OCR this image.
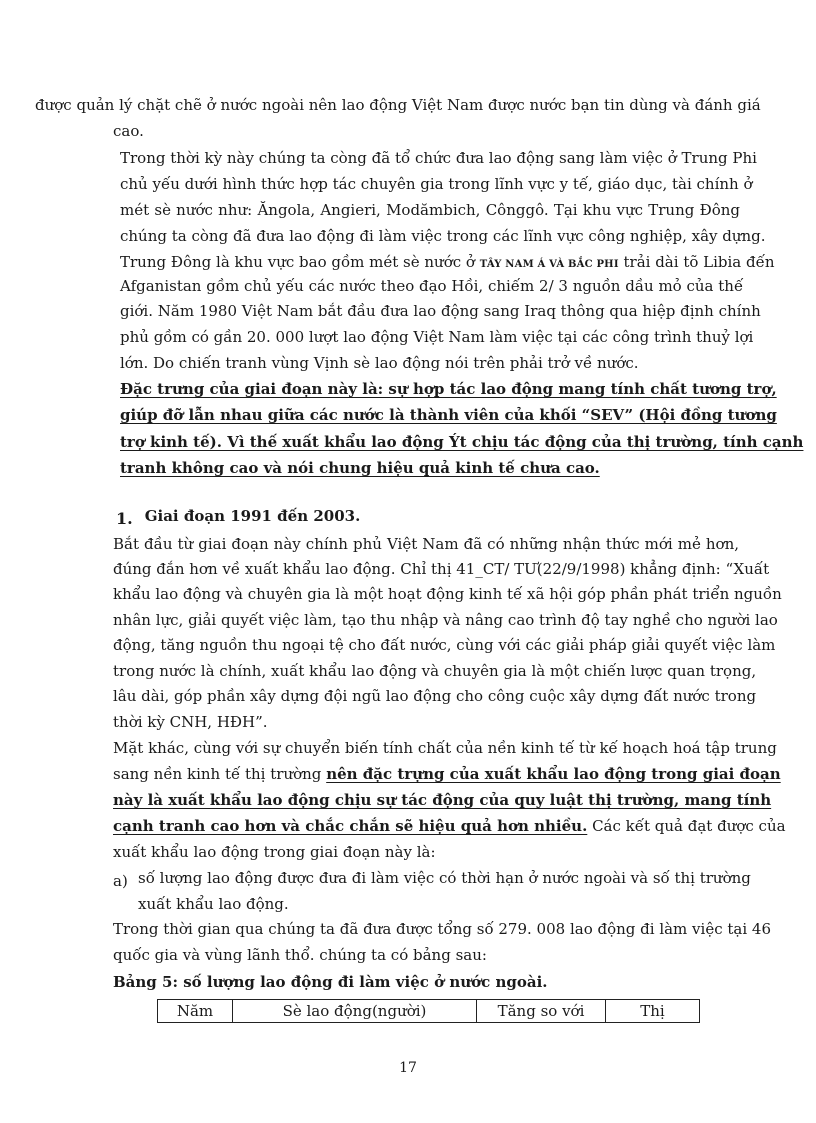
được quản lý chặt chẽ ở nước ngoài nên lao động Việt Nam được nước bạn tin dùng và đánh giá
cao.
Trong thời kỳ này chúng ta còng đã tổ chức đưa lao động sang làm việc ở Trung Phi
chủ yếu dưới hình thức hợp tác chuyên gia trong lĩnh vực y tế, giáo dục, tài chính ở
mét sè nước như: Ăngola, Angieri, Modămbich, Cônggô. Tại khu vực Trung Đông
chúng ta còng đã đưa lao động đi làm việc trong các lĩnh vực công nghiệp, xây dựng.
Trung Đông là khu vực bao gồm mét sè nước ở TÂY NAM Á VÀ BẮC PHI trải dài tõ Libia đến
Afganistan gồm chủ yếu các nước theo đạo Hồi, chiếm 2/ 3 nguồn dầu mỏ của thế
giới. Năm 1980 Việt Nam bắt đầu đưa lao động sang Iraq thông qua hiệp định chính
phủ gồm có gần 20. 000 lượt lao động Việt Nam làm việc tại các công trình thuỷ lợi
lớn. Do chiến tranh vùng Vịnh sè lao động nói trên phải trở về nước.
Đặc trưng của giai đoạn này là: sự hợp tác lao động mang tính chất tương trợ,
giúp đỡ lẫn nhau giữa các nước là thành viên của khối “SEV” (Hội đồng tương
trợ kinh tế). Vì thế xuất khẩu lao động Ýt chịu tác động của thị trường, tính cạnh
tranh không cao và nói chung hiệu quả kinh tế chưa cao.
1. Giai đoạn 1991 đến 2003.
Bắt đầu từ giai đoạn này chính phủ Việt Nam đã có những nhận thức mới mẻ hơn,
đúng đắn hơn về xuất khẩu lao động. Chỉ thị 41_CT/ TƯ(22/9/1998) khẳng định: “Xuất
khẩu lao động và chuyên gia là một hoạt động kinh tế xã hội góp phần phát triển nguồn
nhân lực, giải quyết việc làm, tạo thu nhập và nâng cao trình độ tay nghề cho người lao
động, tăng nguồn thu ngoại tệ cho đất nước, cùng với các giải pháp giải quyết việc làm
trong nước là chính, xuất khẩu lao động và chuyên gia là một chiến lược quan trọng,
lâu dài, góp phần xây dựng đội ngũ lao động cho công cuộc xây dựng đất nước trong
thời kỳ CNH, HĐH”.
Mặt khác, cùng với sự chuyển biến tính chất của nền kinh tế từ kế hoạch hoá tập trung
sang nền kinh tế thị trường nên đặc trựng của xuất khẩu lao động trong giai đoạn
này là xuất khẩu lao động chịu sự tác động của quy luật thị trường, mang tính
cạnh tranh cao hơn và chắc chắn sẽ hiệu quả hơn nhiều. Các kết quả đạt được của
xuất khẩu lao động trong giai đoạn này là:
a) số lượng lao động được đưa đi làm việc có thời hạn ở nước ngoài và số thị trường
xuất khẩu lao động.
Trong thời gian qua chúng ta đã đưa được tổng số 279. 008 lao động đi làm việc tại 46
quốc gia và vùng lãnh thổ. chúng ta có bảng sau:
Bảng 5: số lượng lao động đi làm việc ở nước ngoài.
Năm	Sè lao động(người)	Tăng so với	Thị
17
